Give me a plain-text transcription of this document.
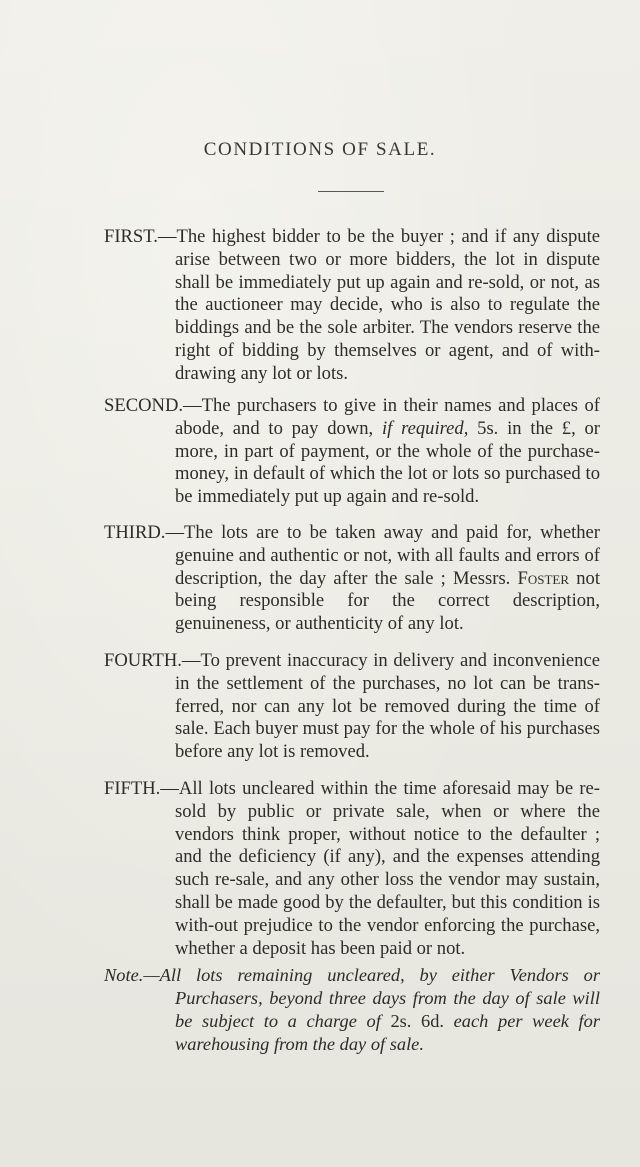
CONDITIONS OF SALE.
FIRST.—The highest bidder to be the buyer ; and if any dispute arise between two or more bidders, the lot in dispute shall be immediately put up again and re-sold, or not, as the auctioneer may decide, who is also to regulate the biddings and be the sole arbiter. The vendors reserve the right of bidding by themselves or agent, and of with-drawing any lot or lots.
SECOND.—The purchasers to give in their names and places of abode, and to pay down, if required, 5s. in the £, or more, in part of payment, or the whole of the purchase-money, in default of which the lot or lots so purchased to be immediately put up again and re-sold.
THIRD.—The lots are to be taken away and paid for, whether genuine and authentic or not, with all faults and errors of description, the day after the sale ; Messrs. Foster not being responsible for the correct description, genuineness, or authenticity of any lot.
FOURTH.—To prevent inaccuracy in delivery and inconvenience in the settlement of the purchases, no lot can be trans-ferred, nor can any lot be removed during the time of sale. Each buyer must pay for the whole of his purchases before any lot is removed.
FIFTH.—All lots uncleared within the time aforesaid may be re-sold by public or private sale, when or where the vendors think proper, without notice to the defaulter ; and the deficiency (if any), and the expenses attending such re-sale, and any other loss the vendor may sustain, shall be made good by the defaulter, but this condition is with-out prejudice to the vendor enforcing the purchase, whether a deposit has been paid or not.
Note.—All lots remaining uncleared, by either Vendors or Purchasers, beyond three days from the day of sale will be subject to a charge of 2s. 6d. each per week for warehousing from the day of sale.
